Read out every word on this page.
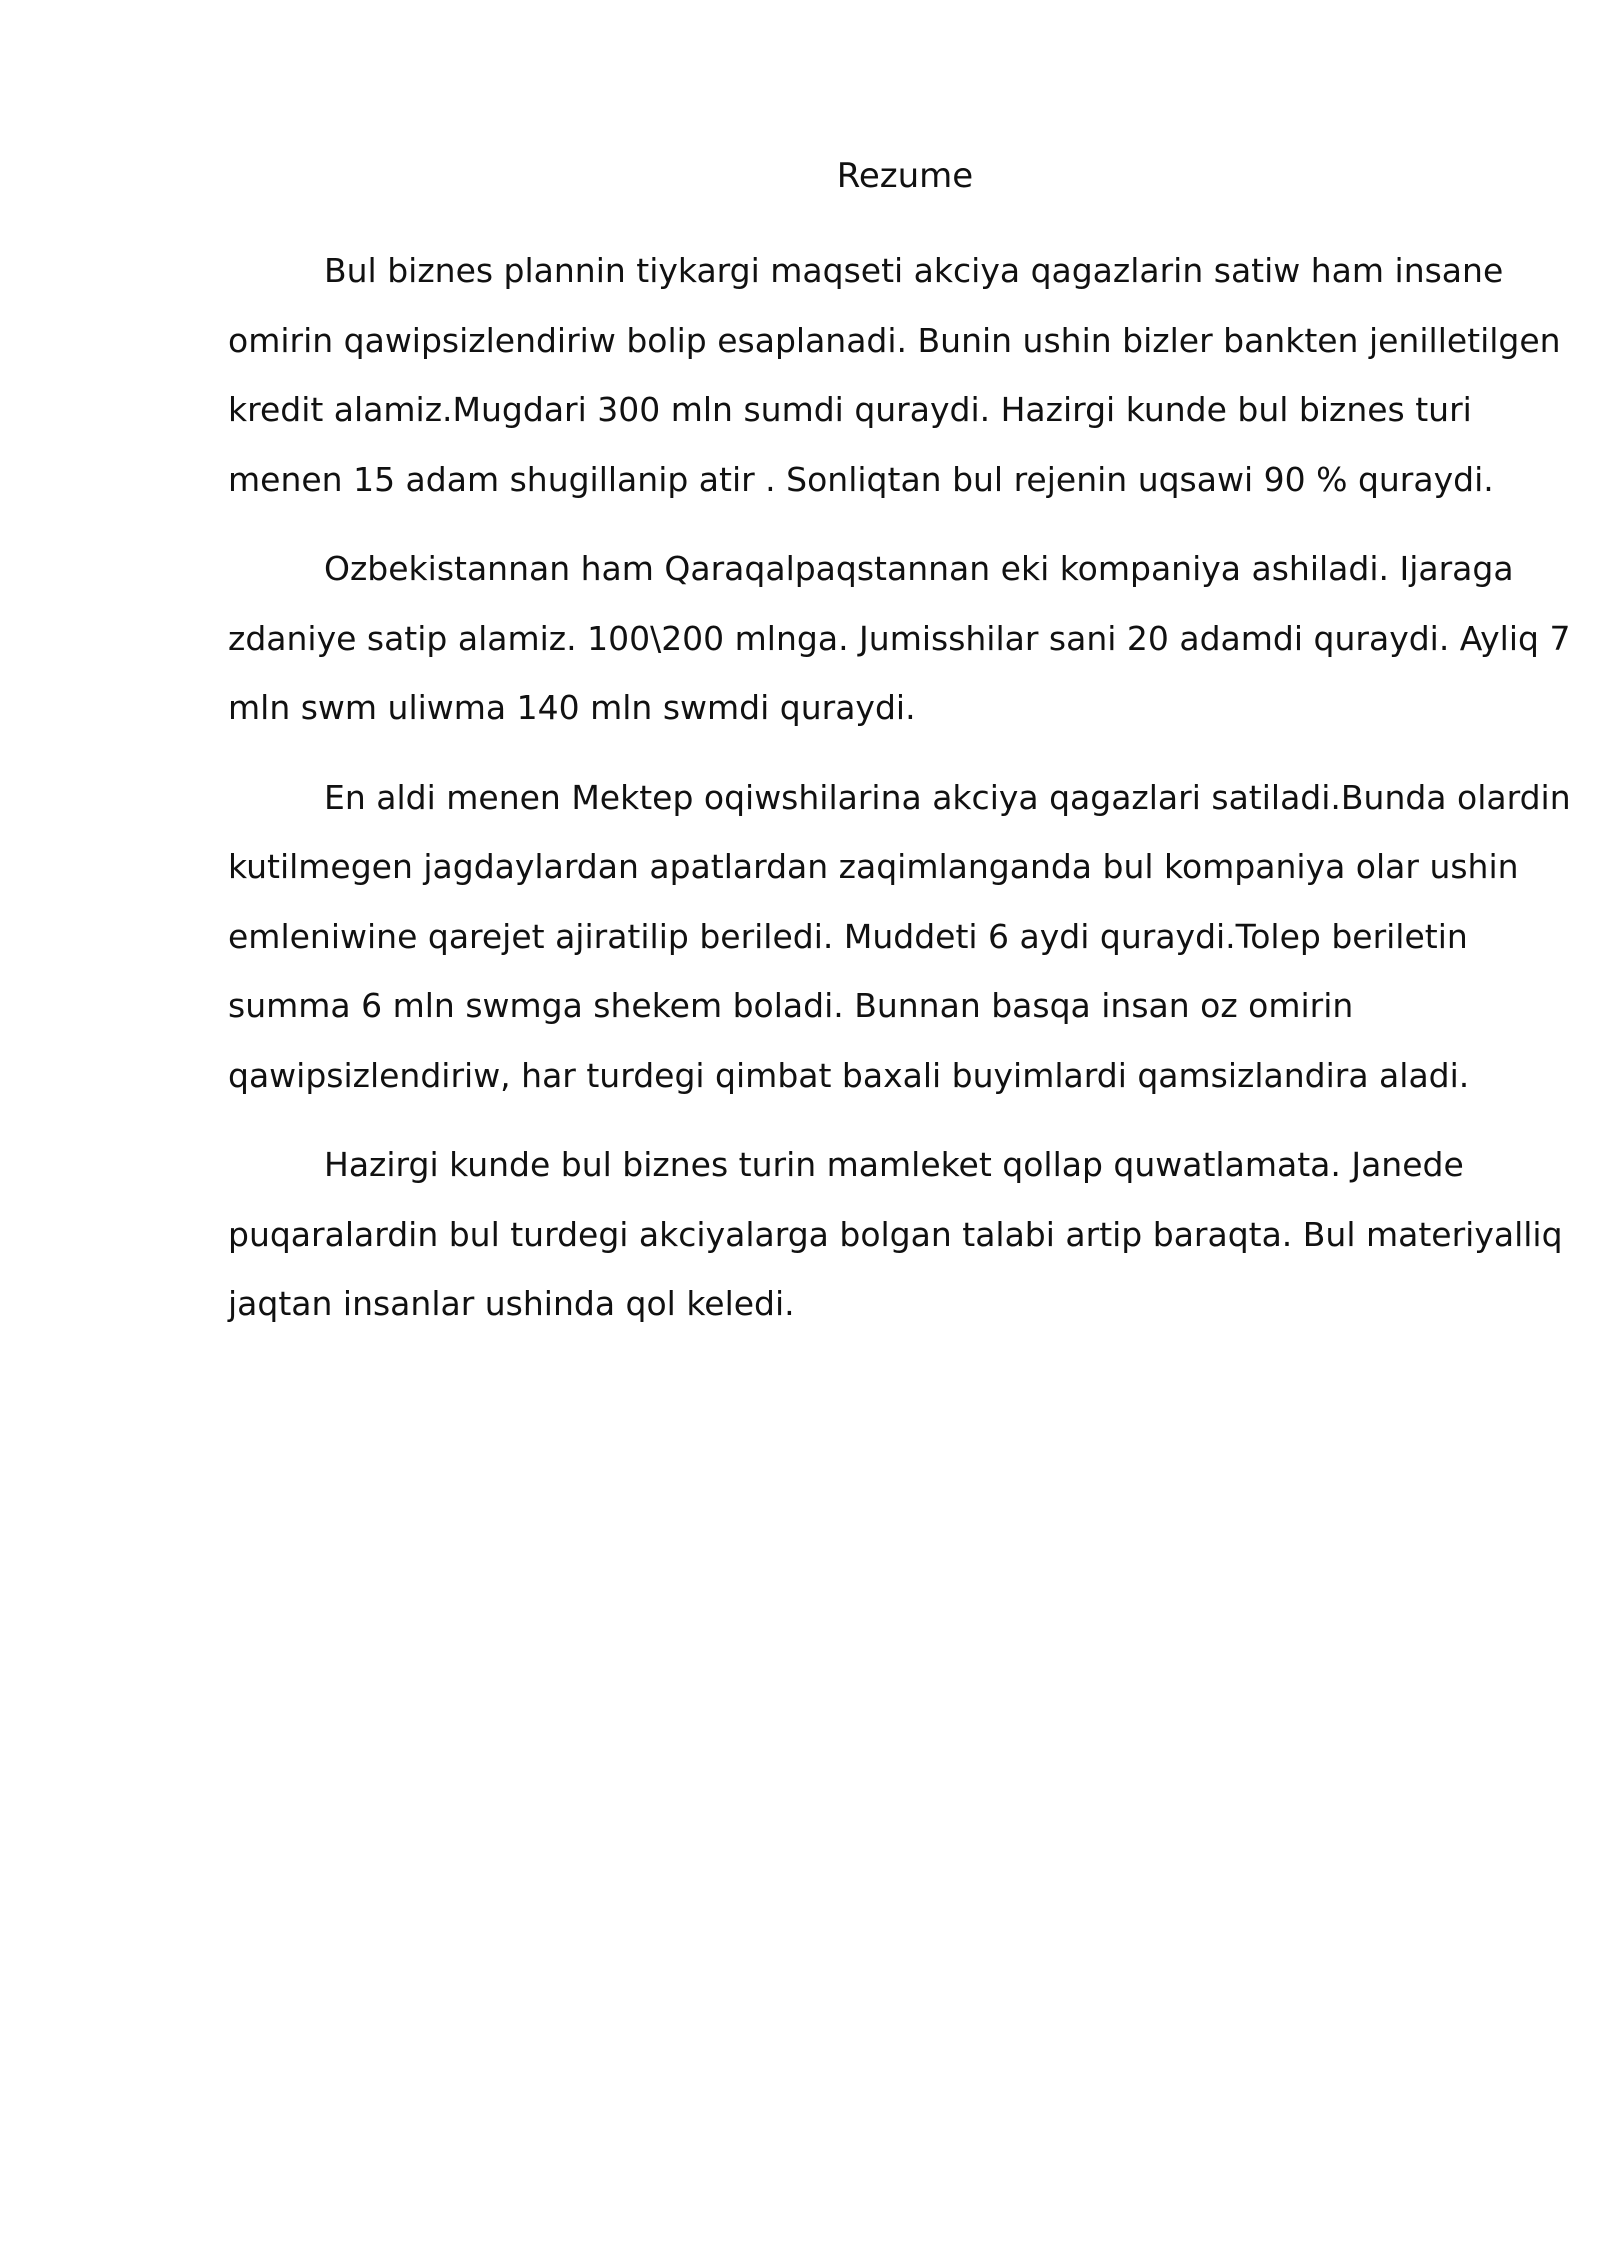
Rezume

Bul biznes plannin tiykargi maqseti akciya qagazlarin satiw ham insane
omirin qawipsizlendiriw bolip esaplanadi. Bunin ushin bizler bankten jenilletilgen
kredit alamiz.Mugdari 300 mln sumdi quraydi. Hazirgi kunde bul biznes turi
menen 15 adam shugillanip atir . Sonliqtan bul rejenin uqsawi 90 % quraydi.

Ozbekistannan ham Qaraqalpaqstannan eki kompaniya ashiladi. Ijaraga
zdaniye satip alamiz. 100\200 mlnga. Jumisshilar sani 20 adamdi quraydi. Ayliq 7
mln swm uliwma 140 mln swmdi quraydi.

En aldi menen Mektep oqiwshilarina akciya qagazlari satiladi.Bunda olardin
kutilmegen jagdaylardan apatlardan zaqimlanganda bul kompaniya olar ushin
emleniwine qarejet ajiratilip beriledi. Muddeti 6 aydi quraydi.Tolep beriletin
summa 6 mln swmga shekem boladi. Bunnan basqa insan oz omirin
qawipsizlendiriw, har turdegi qimbat baxali buyimlardi qamsizlandira aladi.

Hazirgi kunde bul biznes turin mamleket qollap quwatlamata. Janede
puqaralardin bul turdegi akciyalarga bolgan talabi artip baraqta. Bul materiyalliq
jaqtan insanlar ushinda qol keledi.
